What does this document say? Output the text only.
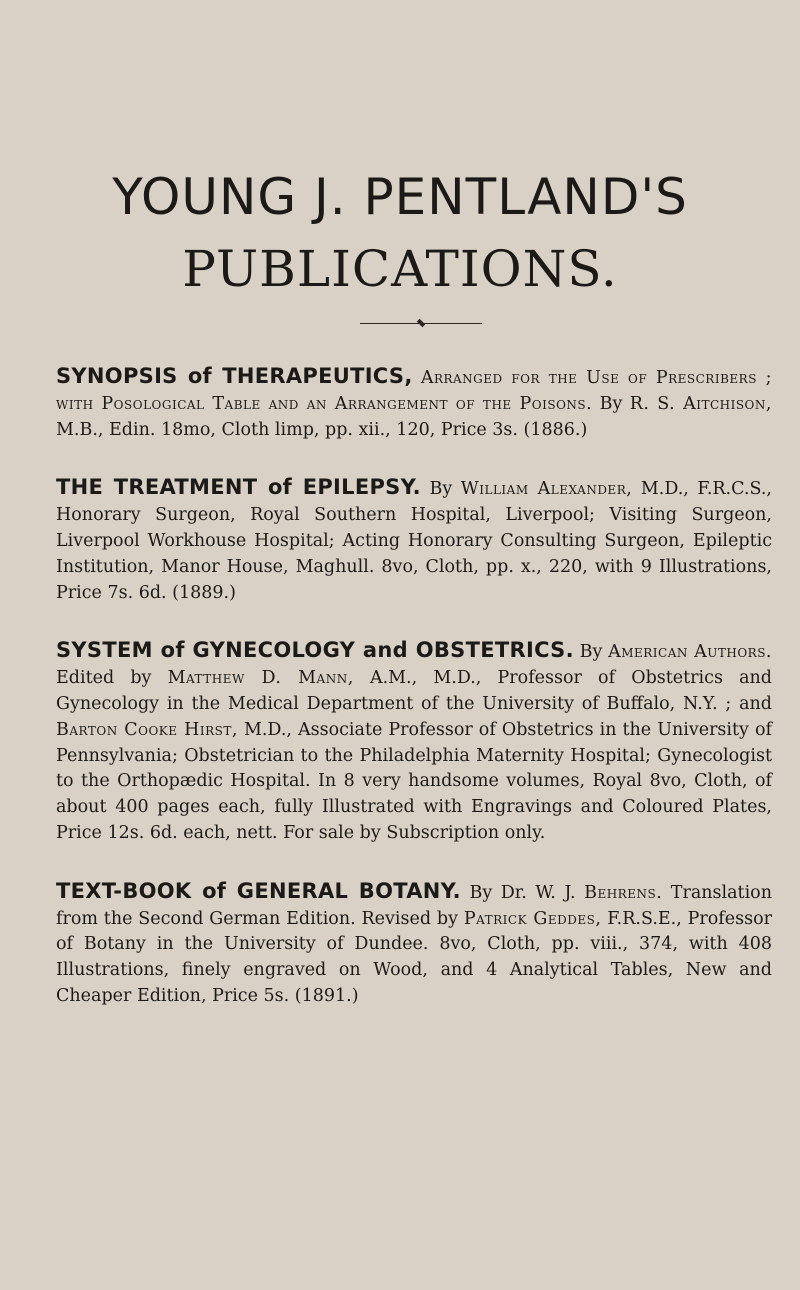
YOUNG J. PENTLAND'S
PUBLICATIONS.
SYNOPSIS of THERAPEUTICS, Arranged for the Use of Prescribers ; with Posological Table and an Arrangement of the Poisons. By R. S. Aitchison, M.B., Edin. 18mo, Cloth limp, pp. xii., 120, Price 3s. (1886.)
THE TREATMENT of EPILEPSY. By William Alexander, M.D., F.R.C.S., Honorary Surgeon, Royal Southern Hospital, Liverpool; Visiting Surgeon, Liverpool Workhouse Hospital; Acting Honorary Consulting Surgeon, Epileptic Institution, Manor House, Maghull. 8vo, Cloth, pp. x., 220, with 9 Illustrations, Price 7s. 6d. (1889.)
SYSTEM of GYNECOLOGY and OBSTETRICS. By American Authors. Edited by Matthew D. Mann, A.M., M.D., Professor of Obstetrics and Gynecology in the Medical Department of the University of Buffalo, N.Y. ; and Barton Cooke Hirst, M.D., Associate Professor of Obstetrics in the University of Pennsylvania; Obstetrician to the Philadelphia Maternity Hospital; Gynecologist to the Orthopædic Hospital. In 8 very handsome volumes, Royal 8vo, Cloth, of about 400 pages each, fully Illustrated with Engravings and Coloured Plates, Price 12s. 6d. each, nett. For sale by Subscription only.
TEXT-BOOK of GENERAL BOTANY. By Dr. W. J. Behrens. Translation from the Second German Edition. Revised by Patrick Geddes, F.R.S.E., Professor of Botany in the University of Dundee. 8vo, Cloth, pp. viii., 374, with 408 Illustrations, finely engraved on Wood, and 4 Analytical Tables, New and Cheaper Edition, Price 5s. (1891.)
